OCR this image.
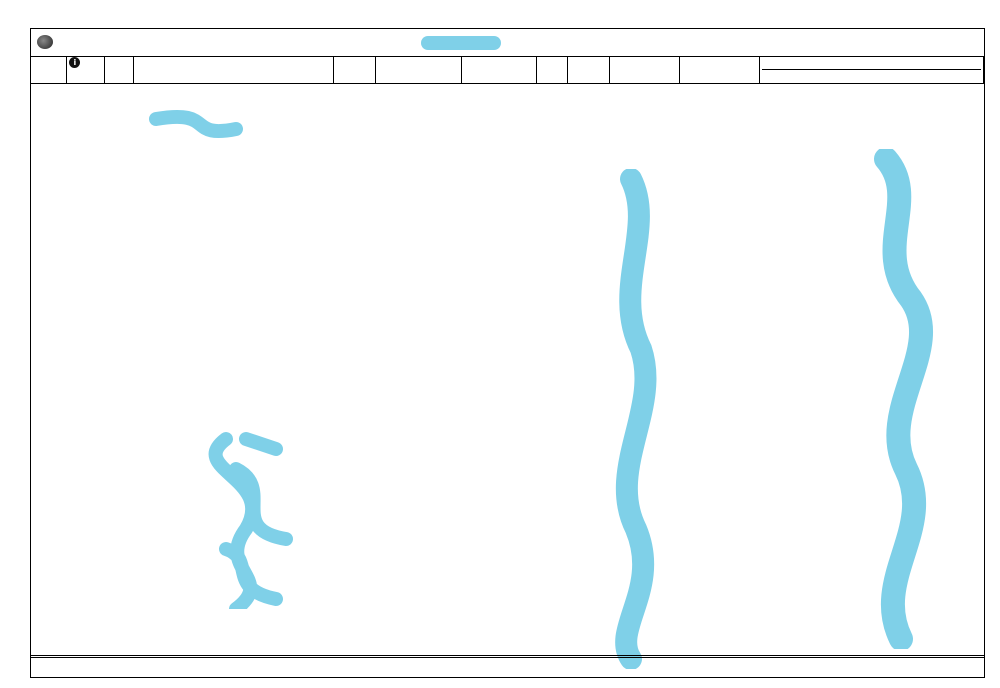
	i										
